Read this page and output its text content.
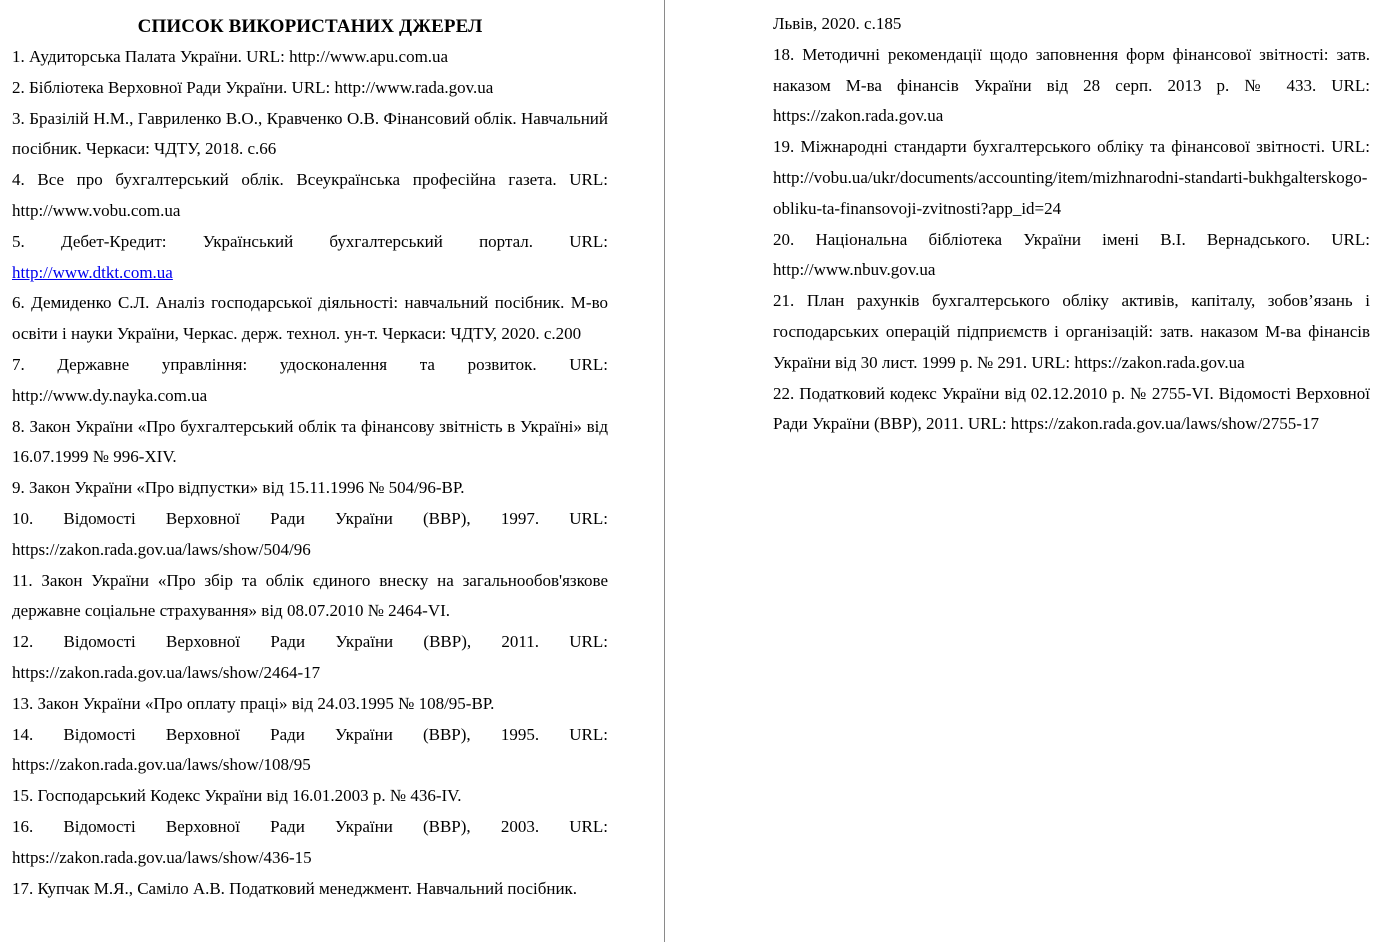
СПИСОК ВИКОРИСТАНИХ ДЖЕРЕЛ

1. Аудиторська Палата України. URL: http://www.apu.com.ua

2. Бібліотека Верховної Ради України. URL: http://www.rada.gov.ua

3. Бразілій Н.М., Гавриленко В.О., Кравченко О.В. Фінансовий облік. Навчальний посібник. Черкаси: ЧДТУ, 2018. с.66

4. Все про бухгалтерський облік. Всеукраїнська професійна газета. URL: http://www.vobu.com.ua

5. Дебет-Кредит: Український бухгалтерський портал. URL: http://www.dtkt.com.ua

6. Демиденко С.Л. Аналіз господарської діяльності: навчальний посібник. М-во освіти і науки України, Черкас. держ. технол. ун-т. Черкаси: ЧДТУ, 2020. с.200

7. Державне управління: удосконалення та розвиток. URL: http://www.dy.nayka.com.ua

8. Закон України «Про бухгалтерський облік та фінансову звітність в Україні» від 16.07.1999 № 996-XIV.

9. Закон України «Про відпустки» від 15.11.1996 № 504/96-ВР.

10. Відомості Верховної Ради України (ВВР), 1997. URL: https://zakon.rada.gov.ua/laws/show/504/96

11. Закон України «Про збір та облік єдиного внеску на загальнообов'язкове державне соціальне страхування» від 08.07.2010 № 2464-VI.

12. Відомості Верховної Ради України (ВВР), 2011. URL: https://zakon.rada.gov.ua/laws/show/2464-17

13. Закон України «Про оплату праці» від 24.03.1995 № 108/95-ВР.

14. Відомості Верховної Ради України (ВВР), 1995. URL: https://zakon.rada.gov.ua/laws/show/108/95

15. Господарський Кодекс України від 16.01.2003 р. № 436-IV.

16. Відомості Верховної Ради України (ВВР), 2003. URL: https://zakon.rada.gov.ua/laws/show/436-15

17. Купчак М.Я., Саміло А.В. Податковий менеджмент. Навчальний посібник.

Львів, 2020. с.185

18. Методичні рекомендації щодо заповнення форм фінансової звітності: затв. наказом М-ва фінансів України від 28 серп. 2013 р. № 433. URL: https://zakon.rada.gov.ua

19. Міжнародні стандарти бухгалтерського обліку та фінансової звітності. URL: http://vobu.ua/ukr/documents/accounting/item/mizhnarodni-standarti-bukhgalterskogo-obliku-ta-finansovoji-zvitnosti?app_id=24

20. Національна бібліотека України імені В.І. Вернадського. URL: http://www.nbuv.gov.ua

21. План рахунків бухгалтерського обліку активів, капіталу, зобов’язань і господарських операцій підприємств і організацій: затв. наказом М-ва фінансів України від 30 лист. 1999 р. № 291. URL: https://zakon.rada.gov.ua

22. Податковий кодекс України від 02.12.2010 р. № 2755-VI. Відомості Верховної Ради України (ВВР), 2011. URL: https://zakon.rada.gov.ua/laws/show/2755-17
